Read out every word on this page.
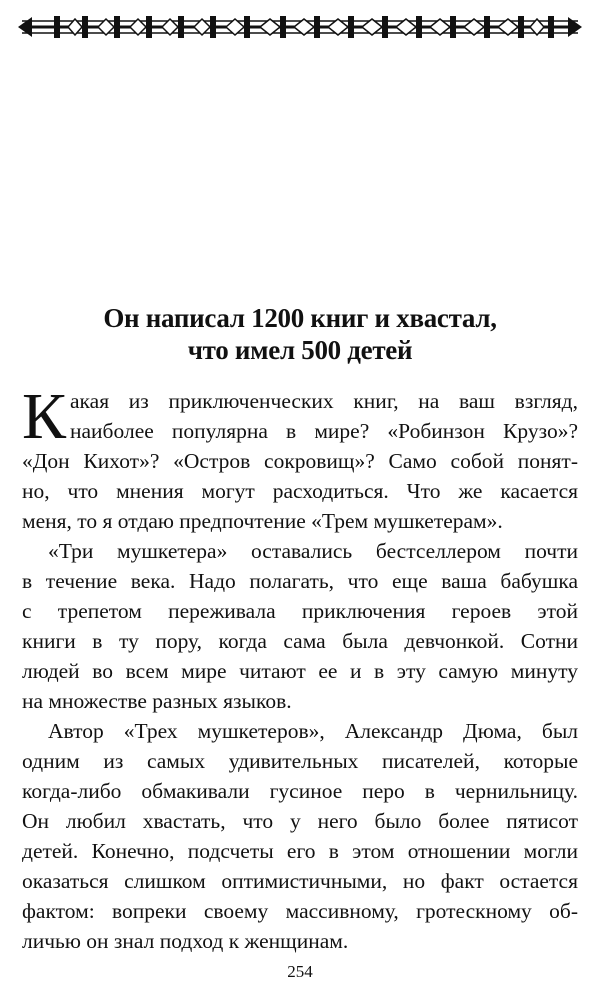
Он написал 1200 книг и хвастал,
что имел 500 детей
К акая из приключенческих книг, на ваш взгляд,
наиболее популярна в мире? «Робинзон Крузо»?
«Дон Кихот»? «Остров сокровищ»? Само собой понят-
но, что мнения могут расходиться. Что же касается
меня, то я отдаю предпочтение «Трем мушкетерам».
«Три мушкетера» оставались бестселлером почти
в течение века. Надо полагать, что еще ваша бабушка
с трепетом переживала приключения героев этой
книги в ту пору, когда сама была девчонкой. Сотни
людей во всем мире читают ее и в эту самую минуту
на множестве разных языков.
Автор «Трех мушкетеров», Александр Дюма, был
одним из самых удивительных писателей, которые
когда-либо обмакивали гусиное перо в чернильницу.
Он любил хвастать, что у него было более пятисот
детей. Конечно, подсчеты его в этом отношении могли
оказаться слишком оптимистичными, но факт остается
фактом: вопреки своему массивному, гротескному об-
личью он знал подход к женщинам.
254
